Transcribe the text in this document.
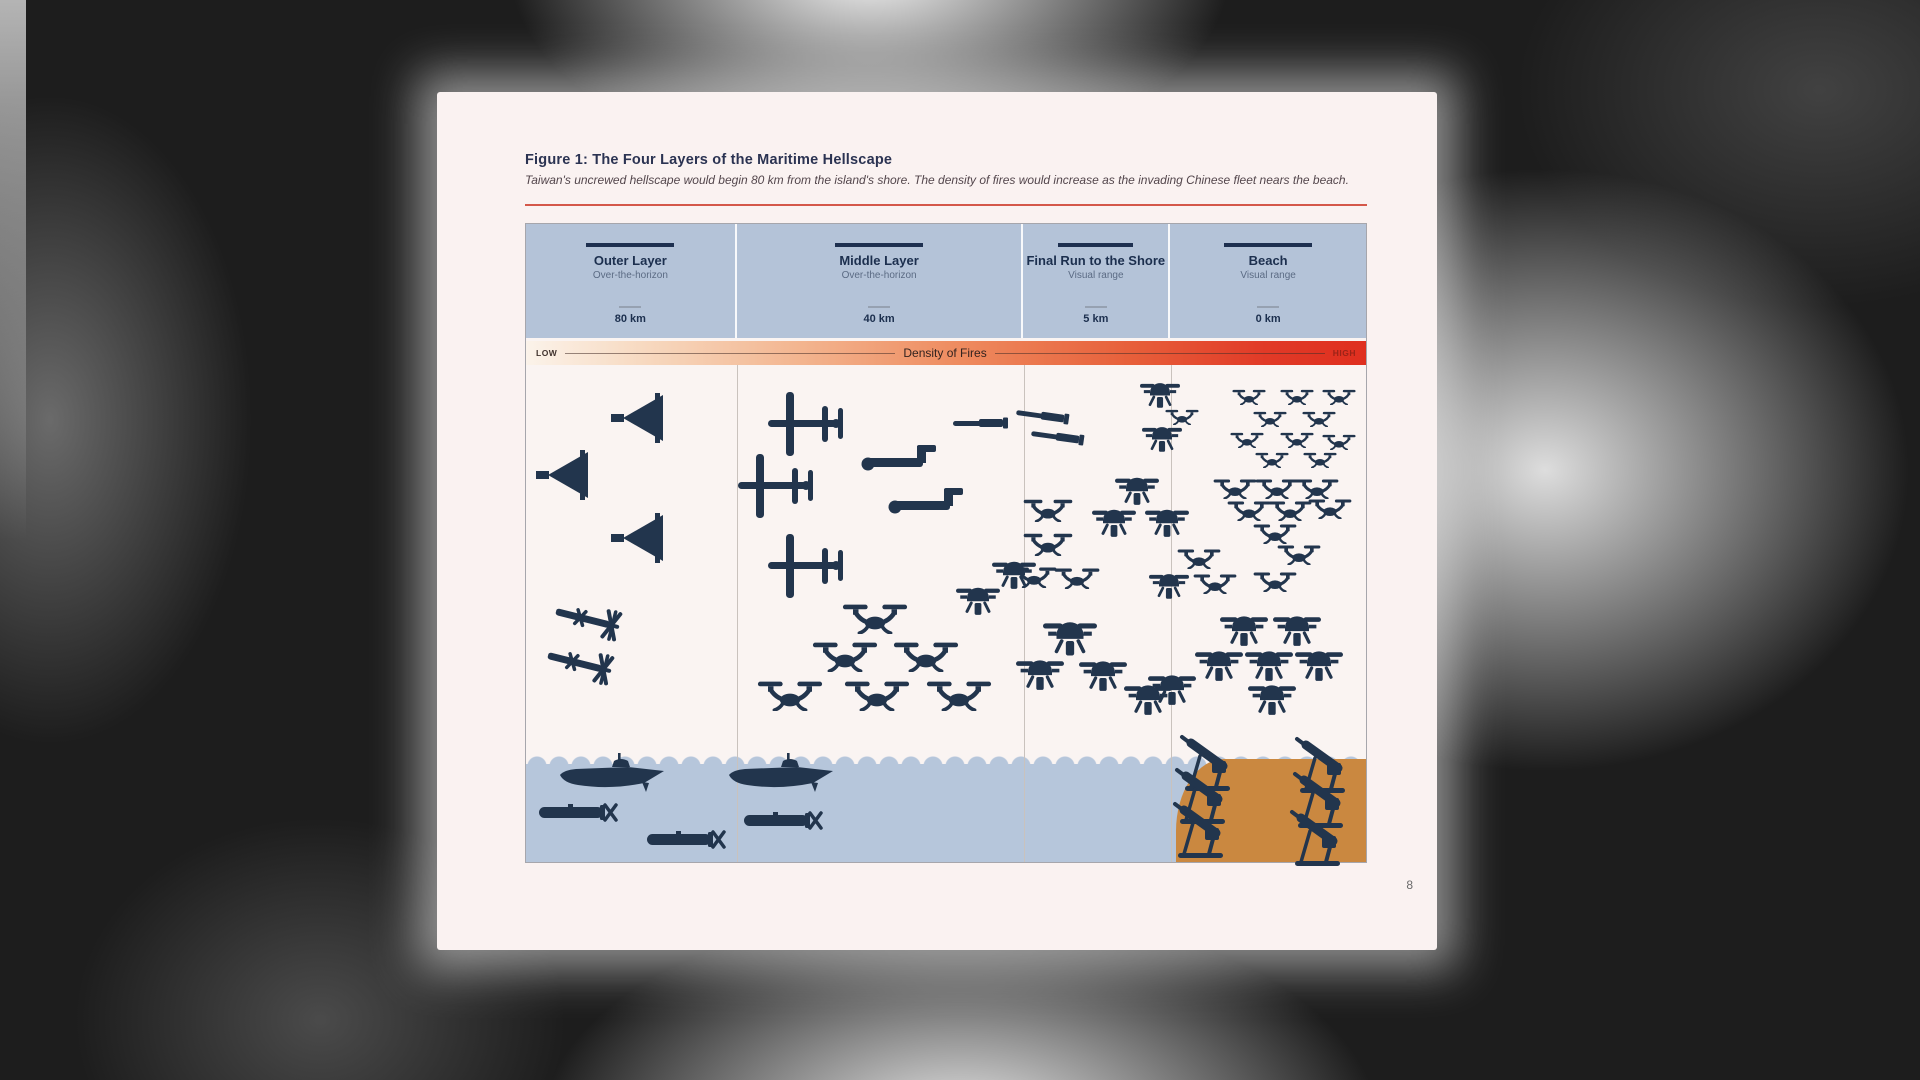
Figure 1: The Four Layers of the Maritime Hellscape
Taiwan's uncrewed hellscape would begin 80 km from the island's shore. The density of fires would increase as the invading Chinese fleet nears the beach.
Outer Layer
Over-the-horizon
80 km
Middle Layer
Over-the-horizon
40 km
Final Run to the Shore
Visual range
5 km
Beach
Visual range
0 km
LOW	Density of Fires	HIGH
8
